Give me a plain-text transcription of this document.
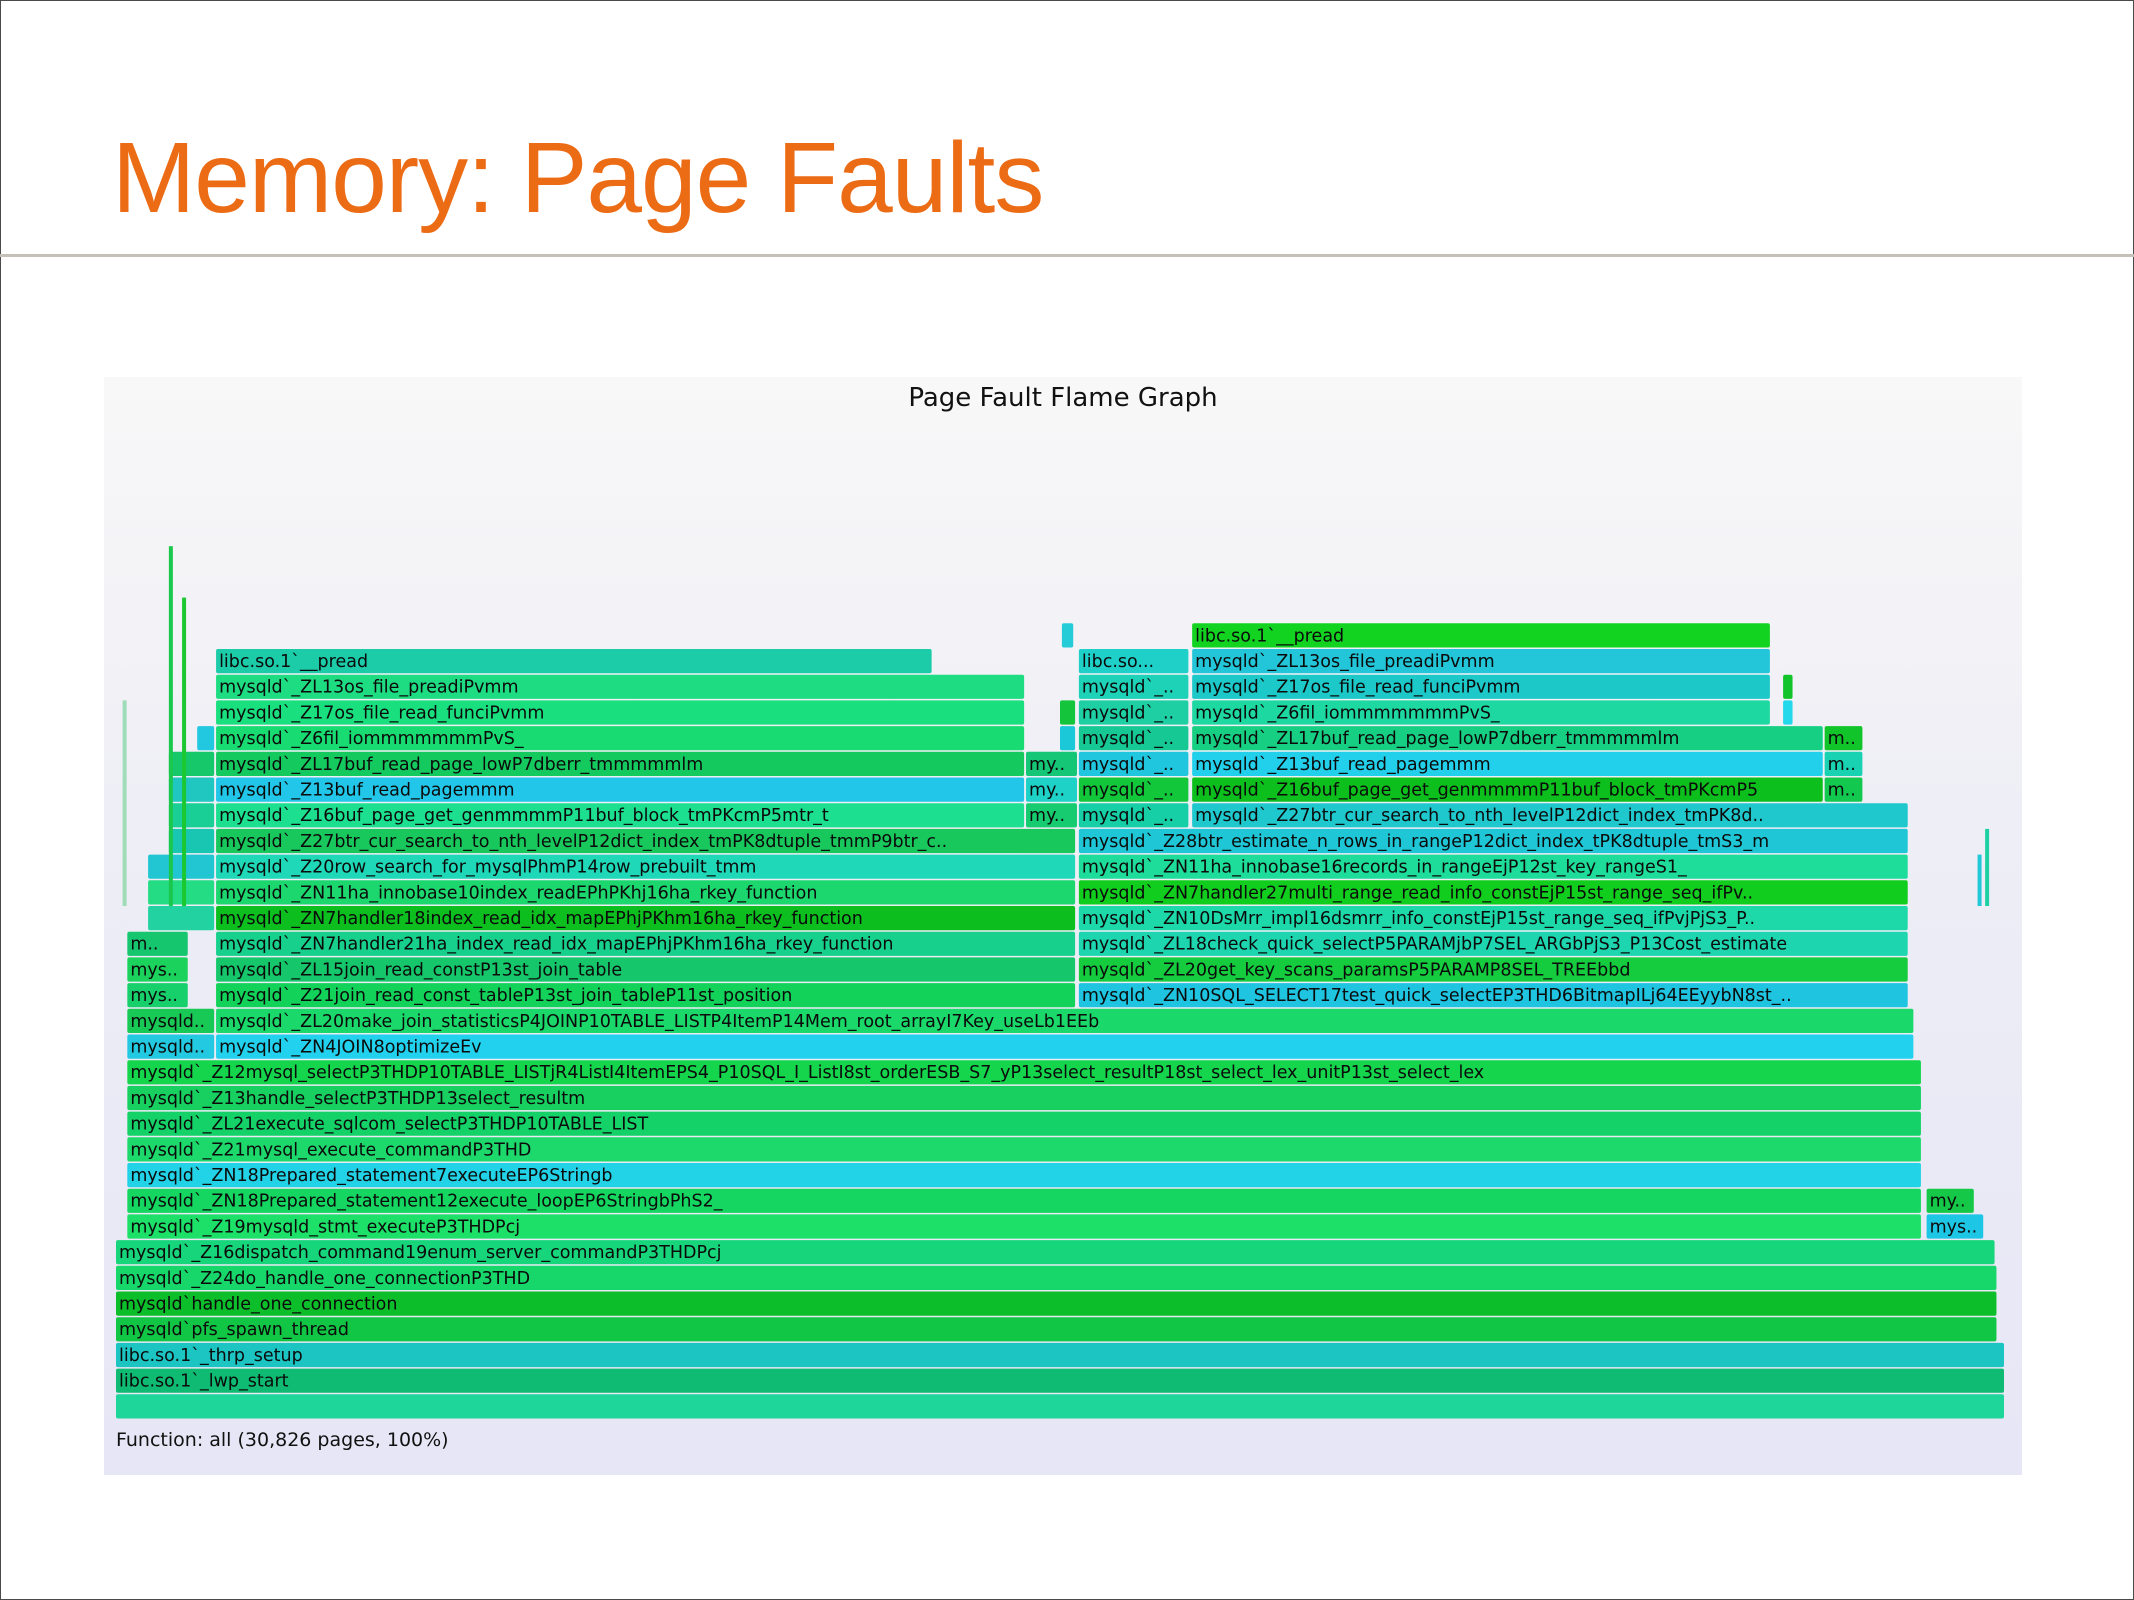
Memory: Page Faults
Page Fault Flame Graph
libc.so.1`_lwp_start
libc.so.1`_thrp_setup
mysqld`pfs_spawn_thread
mysqld`handle_one_connection
mysqld`_Z24do_handle_one_connectionP3THD
mysqld`_Z16dispatch_command19enum_server_commandP3THDPcj
mysqld`_Z19mysqld_stmt_executeP3THDPcj	mys..
mysqld`_ZN18Prepared_statement12execute_loopEP6StringbPhS2_	my..
mysqld`_ZN18Prepared_statement7executeEP6Stringb
mysqld`_Z21mysql_execute_commandP3THD
mysqld`_ZL21execute_sqlcom_selectP3THDP10TABLE_LIST
mysqld`_Z13handle_selectP3THDP13select_resultm
mysqld`_Z12mysql_selectP3THDP10TABLE_LISTjR4ListI4ItemEPS4_P10SQL_I_ListI8st_orderESB_S7_yP13select_resultP18st_select_lex_unitP13st_select_lex
mysqld.. mysqld`_ZN4JOIN8optimizeEv
mysqld.. mysqld`_ZL20make_join_statisticsP4JOINP10TABLE_LISTP4ItemP14Mem_root_arrayI7Key_useLb1EEb
mys.. mysqld`_Z21join_read_const_tableP13st_join_tableP11st_position	mysqld`_ZN10SQL_SELECT17test_quick_selectEP3THD6BitmapILj64EEyybN8st_..
mys.. mysqld`_ZL15join_read_constP13st_join_table	mysqld`_ZL20get_key_scans_paramsP5PARAMP8SEL_TREEbbd
m..	mysqld`_ZN7handler21ha_index_read_idx_mapEPhjPKhm16ha_rkey_function	mysqld`_ZL18check_quick_selectP5PARAMjbP7SEL_ARGbPjS3_P13Cost_estimate
mysqld`_ZN7handler18index_read_idx_mapEPhjPKhm16ha_rkey_function	mysqld`_ZN10DsMrr_impl16dsmrr_info_constEjP15st_range_seq_ifPvjPjS3_P..
mysqld`_ZN11ha_innobase10index_readEPhPKhj16ha_rkey_function	mysqld`_ZN7handler27multi_range_read_info_constEjP15st_range_seq_ifPv..
mysqld`_Z20row_search_for_mysqlPhmP14row_prebuilt_tmm	mysqld`_ZN11ha_innobase16records_in_rangeEjP12st_key_rangeS1_
mysqld`_Z27btr_cur_search_to_nth_levelP12dict_index_tmPK8dtuple_tmmP9btr_c..	mysqld`_Z28btr_estimate_n_rows_in_rangeP12dict_index_tPK8dtuple_tmS3_m
mysqld`_Z16buf_page_get_genmmmmP11buf_block_tmPKcmP5mtr_t	my.. mysqld`_.. mysqld`_Z27btr_cur_search_to_nth_levelP12dict_index_tmPK8d..
mysqld`_Z13buf_read_pagemmm	my.. mysqld`_.. mysqld`_Z16buf_page_get_genmmmmP11buf_block_tmPKcmP5	m..
mysqld`_ZL17buf_read_page_lowP7dberr_tmmmmmlm	my.. mysqld`_.. mysqld`_Z13buf_read_pagemmm	m..
mysqld`_Z6fil_iommmmmmmPvS_	mysqld`_.. mysqld`_ZL17buf_read_page_lowP7dberr_tmmmmmlm	m..
mysqld`_Z17os_file_read_funciPvmm	mysqld`_.. mysqld`_Z6fil_iommmmmmmPvS_
mysqld`_ZL13os_file_preadiPvmm	mysqld`_.. mysqld`_Z17os_file_read_funciPvmm
libc.so.1`__pread	libc.so... mysqld`_ZL13os_file_preadiPvmm
libc.so.1`__pread
Function: all (30,826 pages, 100%)
